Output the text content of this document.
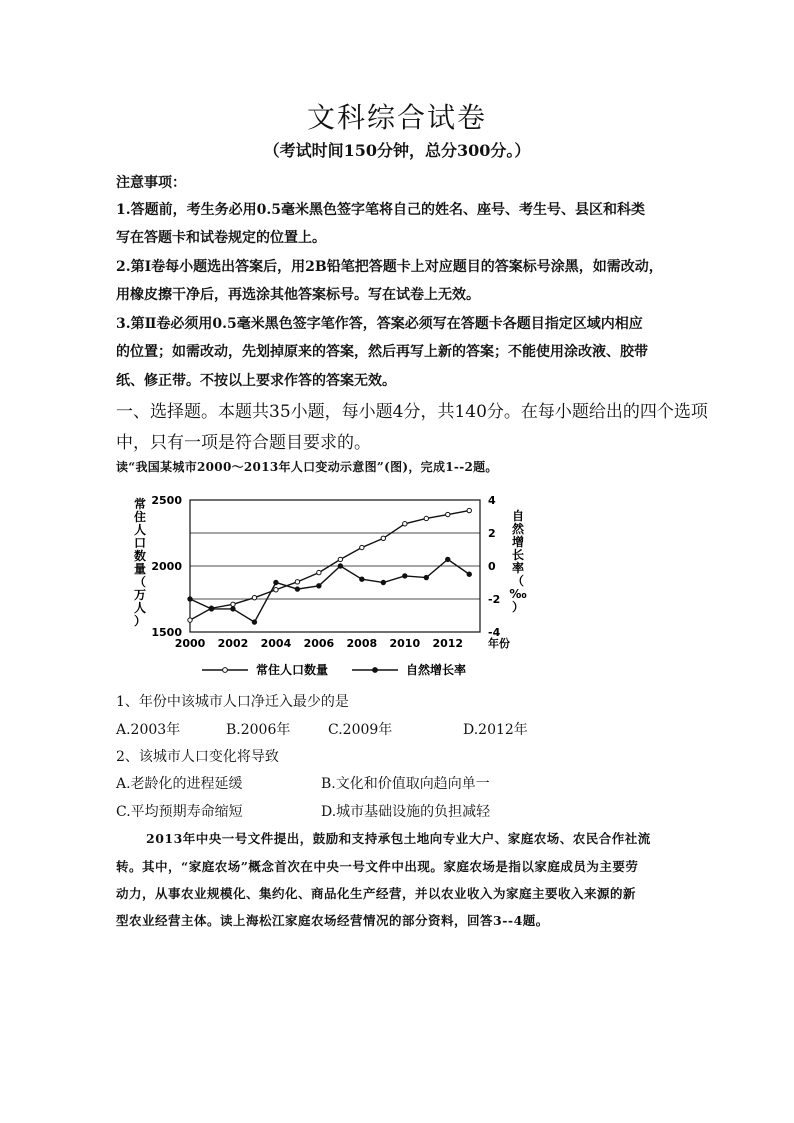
文科综合试卷
（考试时间150分钟，总分300分。）
注意事项：
1.答题前，考生务必用0.5毫米黑色签字笔将自己的姓名、座号、考生号、县区和科类
写在答题卡和试卷规定的位置上。
2.第Ⅰ卷每小题选出答案后，用2B铅笔把答题卡上对应题目的答案标号涂黑，如需改动，
用橡皮擦干净后，再选涂其他答案标号。写在试卷上无效。
3.第Ⅱ卷必须用0.5毫米黑色签字笔作答，答案必须写在答题卡各题目指定区域内相应
的位置；如需改动，先划掉原来的答案，然后再写上新的答案；不能使用涂改液、胶带
纸、修正带。不按以上要求作答的答案无效。
一、选择题。本题共35小题，每小题4分，共140分。在每小题给出的四个选项
中，只有一项是符合题目要求的。
读“我国某城市2000～2013年人口变动示意图”(图)，完成1--2题。
1500
2000
2500
-4
-2
0
2
4
2000 2002 2004 2006 2008 2010 2012 年份
常住人口数量（万人）
自然增长率（‰）
常住人口数量	自然增长率
1、年份中该城市人口净迁入最少的是
A.2003年	B.2006年	C.2009年	D.2012年
2、该城市人口变化将导致
A.老龄化的进程延缓	B.文化和价值取向趋向单一
C.平均预期寿命缩短	D.城市基础设施的负担减轻
2013年中央一号文件提出，鼓励和支持承包土地向专业大户、家庭农场、农民合作社流
转。其中，“家庭农场”概念首次在中央一号文件中出现。家庭农场是指以家庭成员为主要劳
动力，从事农业规模化、集约化、商品化生产经营，并以农业收入为家庭主要收入来源的新
型农业经营主体。读上海松江家庭农场经营情况的部分资料，回答3--4题。
